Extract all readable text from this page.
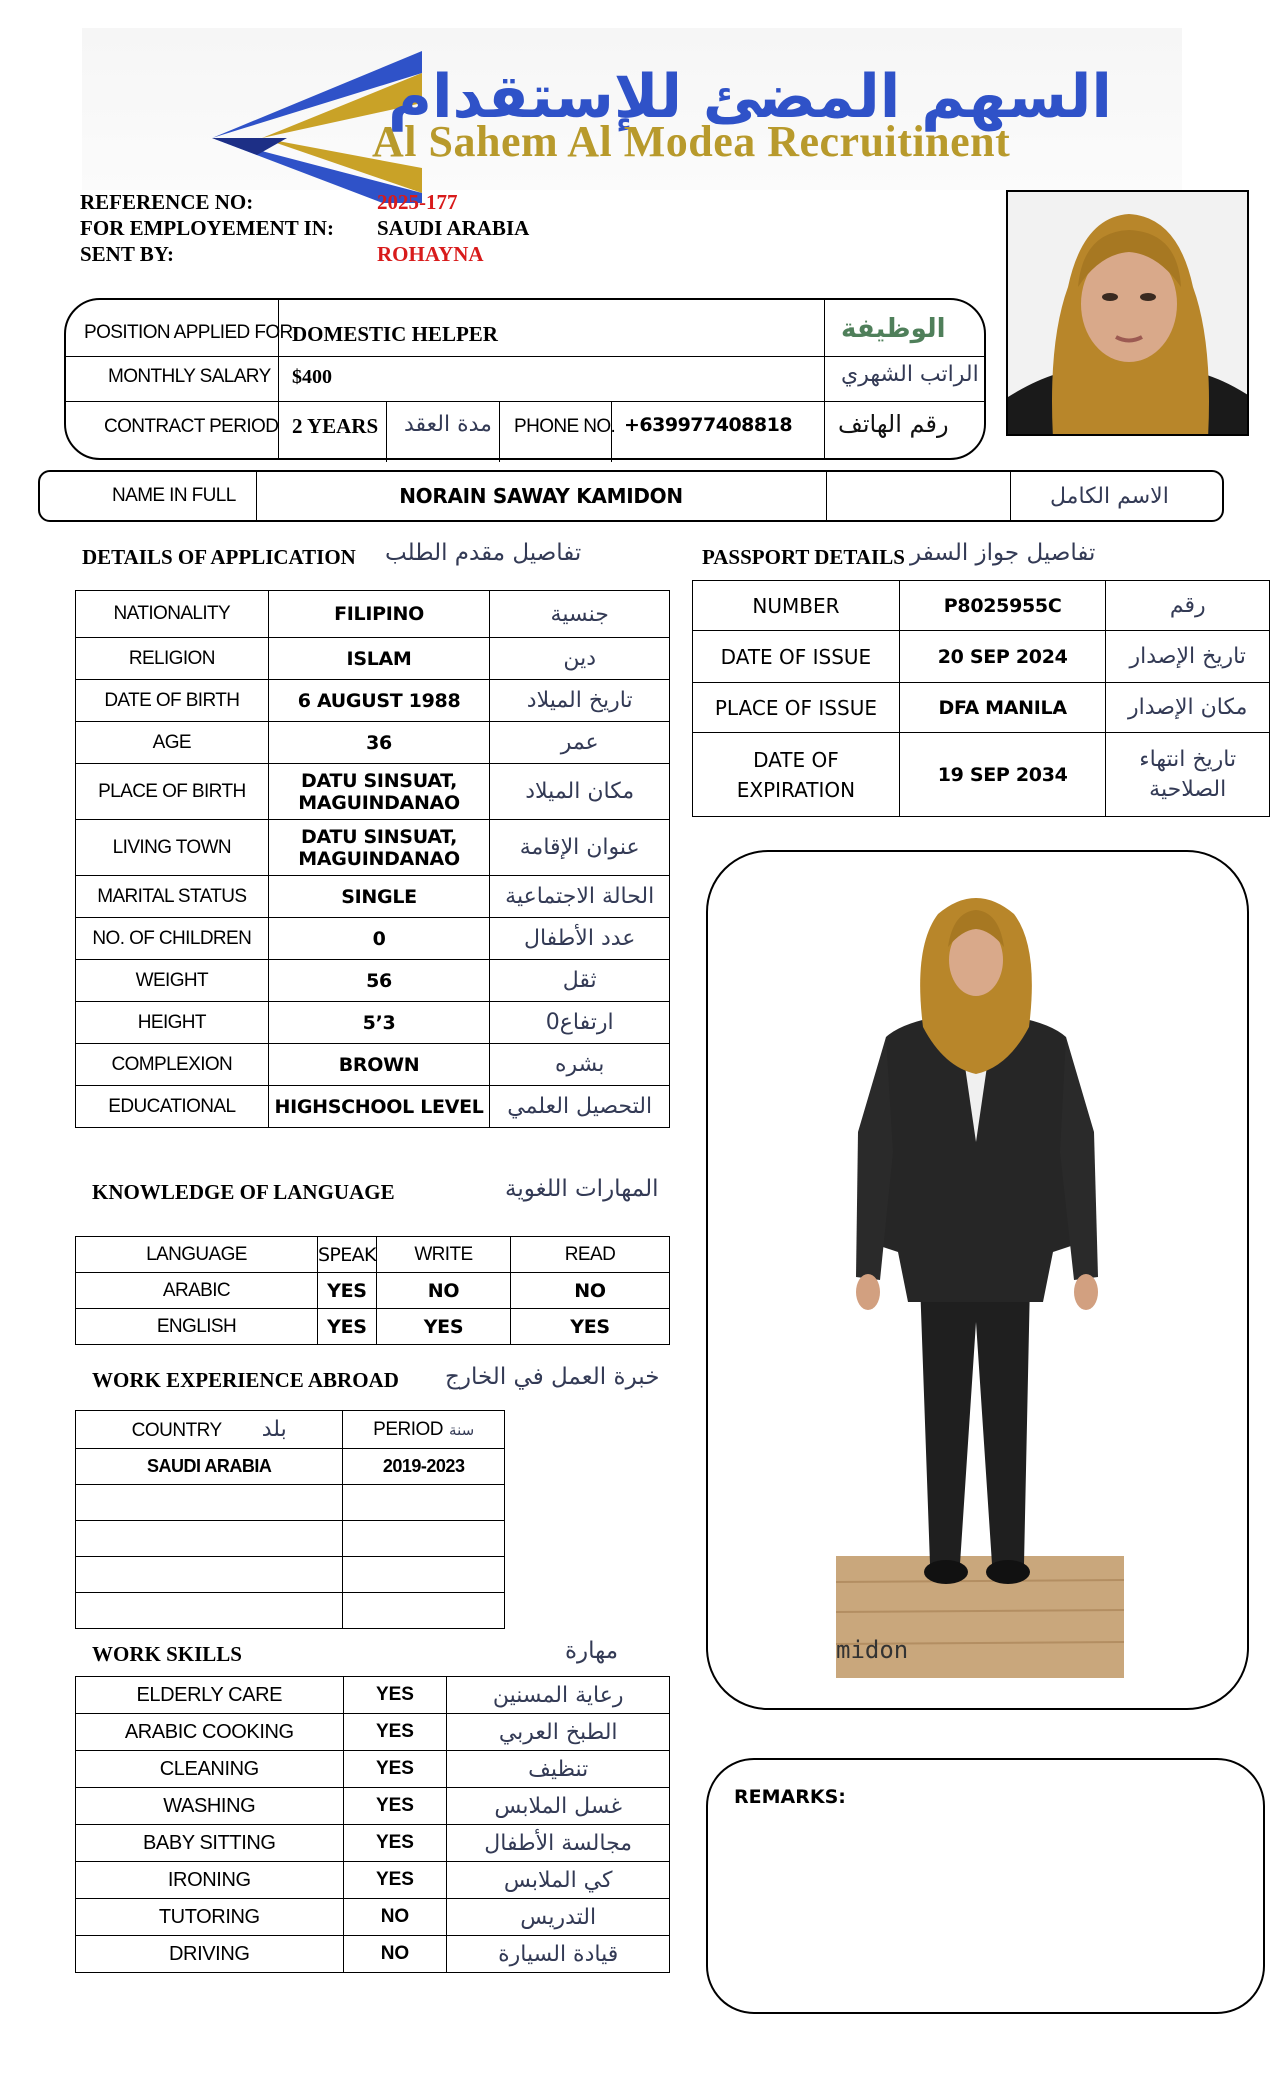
السهم المضئ للإستقدام
Al Sahem Al Modea Recruitinent
REFERENCE NO:	2025-177
FOR EMPLOYEMENT IN: SAUDI ARABIA
SENT BY:	ROHAYNA
POSITION APPLIED FOR DOMESTIC HELPER	الوظيفة
MONTHLY SALARY $400	الراتب الشهري
CONTRACT PERIOD 2 YEARS مدة العقد PHONE NO. +639977408818 رقم الهاتف
NAME IN FULL	NORAIN SAWAY KAMIDON	الاسم الكامل
DETAILS OF APPLICATION تفاصيل مقدم الطلب
NATIONALITY	FILIPINO	جنسية
RELIGION	ISLAM	دين
DATE OF BIRTH	6 AUGUST 1988	تاريخ الميلاد
AGE	36	عمر
PLACE OF BIRTH	DATU SINSUAT, MAGUINDANAO	مكان الميلاد
LIVING TOWN	DATU SINSUAT, MAGUINDANAO	عنوان الإقامة
MARITAL STATUS	SINGLE	الحالة الاجتماعية
NO. OF CHILDREN	0	عدد الأطفال
WEIGHT	56	ثقل
HEIGHT	5’3	ارتفاع0
COMPLEXION	BROWN	بشره
EDUCATIONAL	HIGHSCHOOL LEVEL	التحصيل العلمي
PASSPORT DETAILS تفاصيل جواز السفر
NUMBER	P8025955C	رقم
DATE OF ISSUE	20 SEP 2024	تاريخ الإصدار
PLACE OF ISSUE	DFA MANILA	مكان الإصدار
DATE OF EXPIRATION	19 SEP 2034	تاريخ انتهاء الصلاحية
midon
KNOWLEDGE OF LANGUAGE	المهارات اللغوية
LANGUAGE	SPEAK	WRITE	READ
ARABIC	YES	NO	NO
ENGLISH	YES	YES	YES
WORK EXPERIENCE ABROAD خبرة العمل في الخارج
COUNTRY بلد	PERIOD سنة
SAUDI ARABIA	2019-2023

WORK SKILLS	مهارة
ELDERLY CARE	YES	رعاية المسنين
ARABIC COOKING	YES	الطبخ العربي
CLEANING	YES	تنظيف
WASHING	YES	غسل الملابس
BABY SITTING	YES	مجالسة الأطفال
IRONING	YES	كي الملابس
TUTORING	NO	التدريس
DRIVING	NO	قيادة السيارة
REMARKS:
